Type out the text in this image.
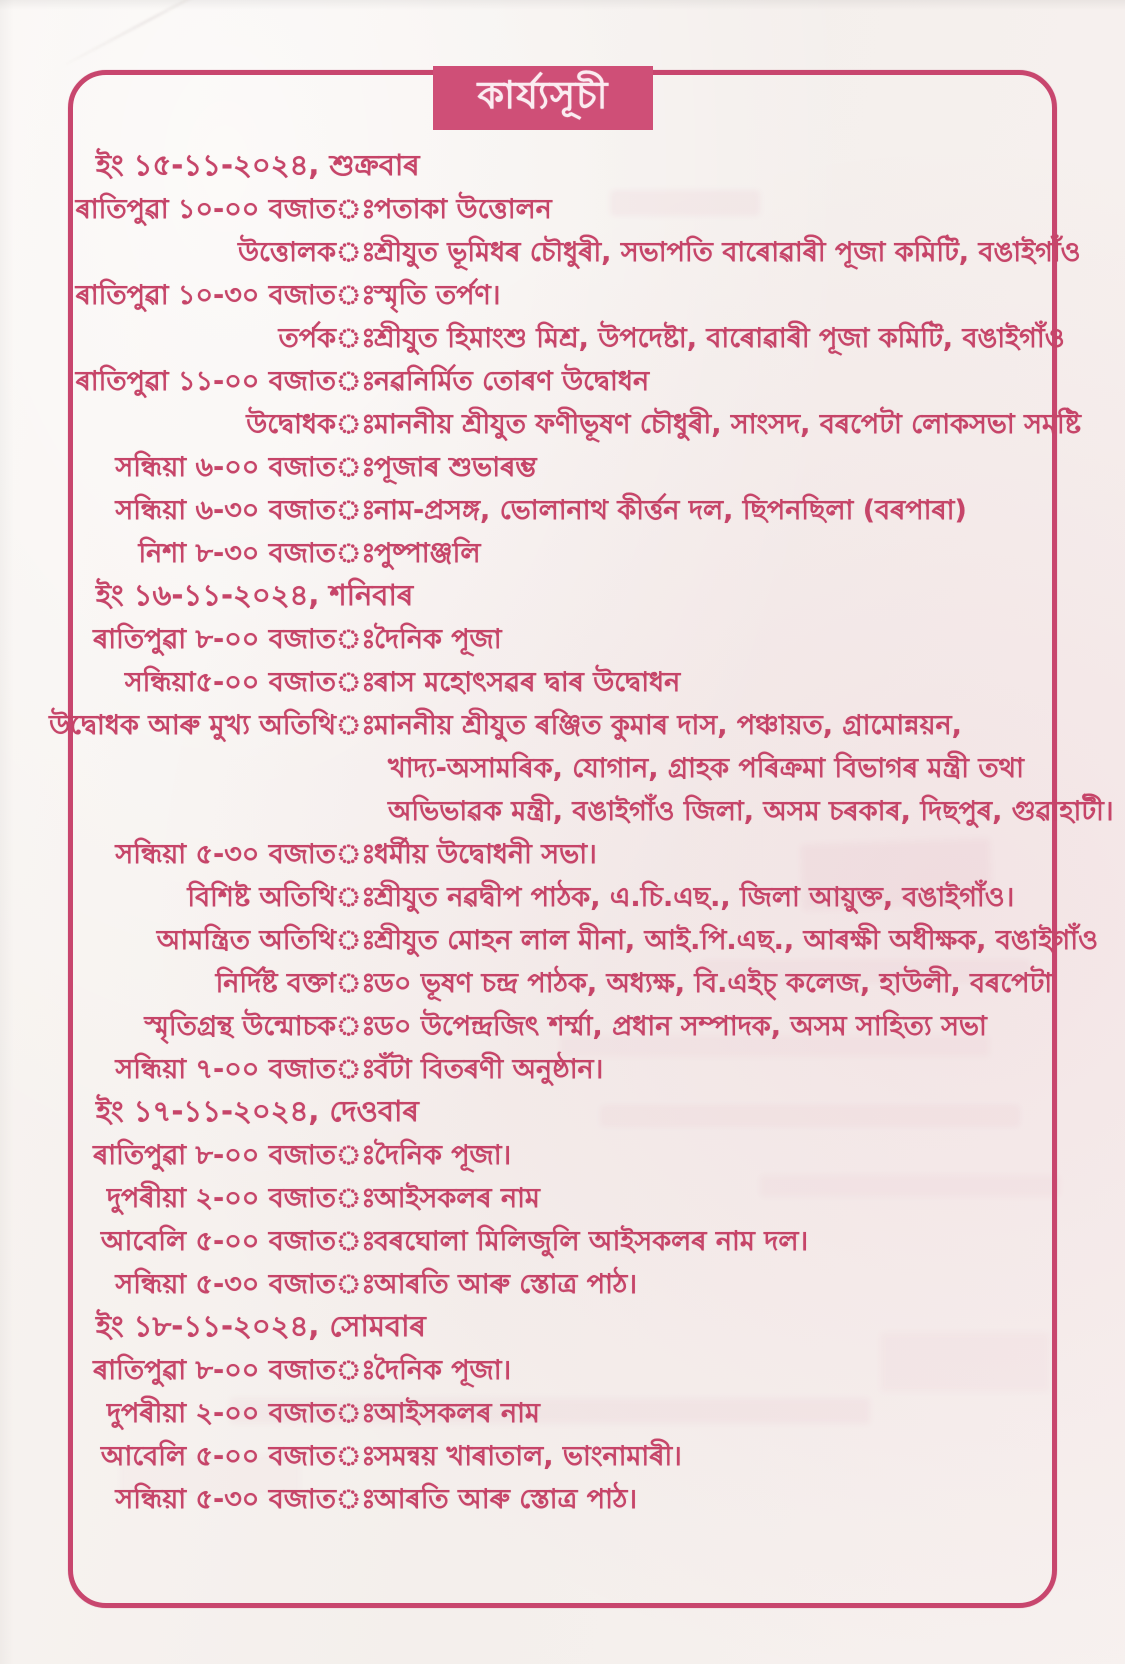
কাৰ্য্যসূচী
ইং ১৫-১১-২০২৪, শুক্রবাৰ
ৰাতিপুৱা ১০-০০ বজাত ঃ
পতাকা উত্তোলন
উত্তোলক ঃ
শ্রীযুত ভূমিধৰ চৌধুৰী, সভাপতি বাৰোৱাৰী পূজা কমিটি, বঙাইগাঁও
ৰাতিপুৱা ১০-৩০ বজাত ঃ
স্মৃতি তর্পণ।
তর্পক ঃ
শ্রীযুত হিমাংশু মিশ্র, উপদেষ্টা, বাৰোৱাৰী পূজা কমিটি, বঙাইগাঁও
ৰাতিপুৱা ১১-০০ বজাত ঃ
নৱনির্মিত তোৰণ উদ্বোধন
উদ্বোধক ঃ
মাননীয় শ্রীযুত ফণীভূষণ চৌধুৰী, সাংসদ, বৰপেটা লোকসভা সমষ্টি
সন্ধিয়া ৬-০০ বজাত ঃ
পূজাৰ শুভাৰম্ভ
সন্ধিয়া ৬-৩০ বজাত ঃ
নাম-প্রসঙ্গ, ভোলানাথ কীর্ত্তন দল, ছিপনছিলা (বৰপাৰা)
নিশা ৮-৩০ বজাত ঃ
পুষ্পাঞ্জলি
ইং ১৬-১১-২০২৪, শনিবাৰ
ৰাতিপুৱা ৮-০০ বজাত ঃ
দৈনিক পূজা
সন্ধিয়া৫-০০ বজাত ঃ
ৰাস মহোৎসৱৰ দ্বাৰ উদ্বোধন
উদ্বোধক আৰু মুখ্য অতিথি ঃ
মাননীয় শ্রীযুত ৰঞ্জিত কুমাৰ দাস, পঞ্চায়ত, গ্রামোন্নয়ন,
খাদ্য-অসামৰিক, যোগান, গ্রাহক পৰিক্রমা বিভাগৰ মন্ত্রী তথা
অভিভাৱক মন্ত্রী, বঙাইগাঁও জিলা, অসম চৰকাৰ, দিছপুৰ, গুৱাহাটী।
সন্ধিয়া ৫-৩০ বজাত ঃ
ধর্মীয় উদ্বোধনী সভা।
বিশিষ্ট অতিথি ঃ
শ্রীযুত নৱদ্বীপ পাঠক, এ.চি.এছ., জিলা আয়ুক্ত, বঙাইগাঁও।
আমন্ত্রিত অতিথি ঃ
শ্রীযুত মোহন লাল মীনা, আই.পি.এছ., আৰক্ষী অধীক্ষক, বঙাইগাঁও
নির্দিষ্ট বক্তা ঃ
ড০ ভূষণ চন্দ্র পাঠক, অধ্যক্ষ, বি.এইচ্ কলেজ, হাউলী, বৰপেটা
স্মৃতিগ্রন্থ উন্মোচক ঃ
ড০ উপেন্দ্রজিৎ শর্ম্মা, প্রধান সম্পাদক, অসম সাহিত্য সভা
সন্ধিয়া ৭-০০ বজাত ঃ
বঁটা বিতৰণী অনুষ্ঠান।
ইং ১৭-১১-২০২৪, দেওবাৰ
ৰাতিপুৱা ৮-০০ বজাত ঃ
দৈনিক পূজা।
দুপৰীয়া ২-০০ বজাত ঃ
আইসকলৰ নাম
আবেলি ৫-০০ বজাত ঃ
বৰঘোলা মিলিজুলি আইসকলৰ নাম দল।
সন্ধিয়া ৫-৩০ বজাত ঃ
আৰতি আৰু স্তোত্র পাঠ।
ইং ১৮-১১-২০২৪, সোমবাৰ
ৰাতিপুৱা ৮-০০ বজাত ঃ
দৈনিক পূজা।
দুপৰীয়া ২-০০ বজাত ঃ
আইসকলৰ নাম
আবেলি ৫-০০ বজাত ঃ
সমন্বয় খাৰাতাল, ভাংনামাৰী।
সন্ধিয়া ৫-৩০ বজাত ঃ
আৰতি আৰু স্তোত্র পাঠ।
